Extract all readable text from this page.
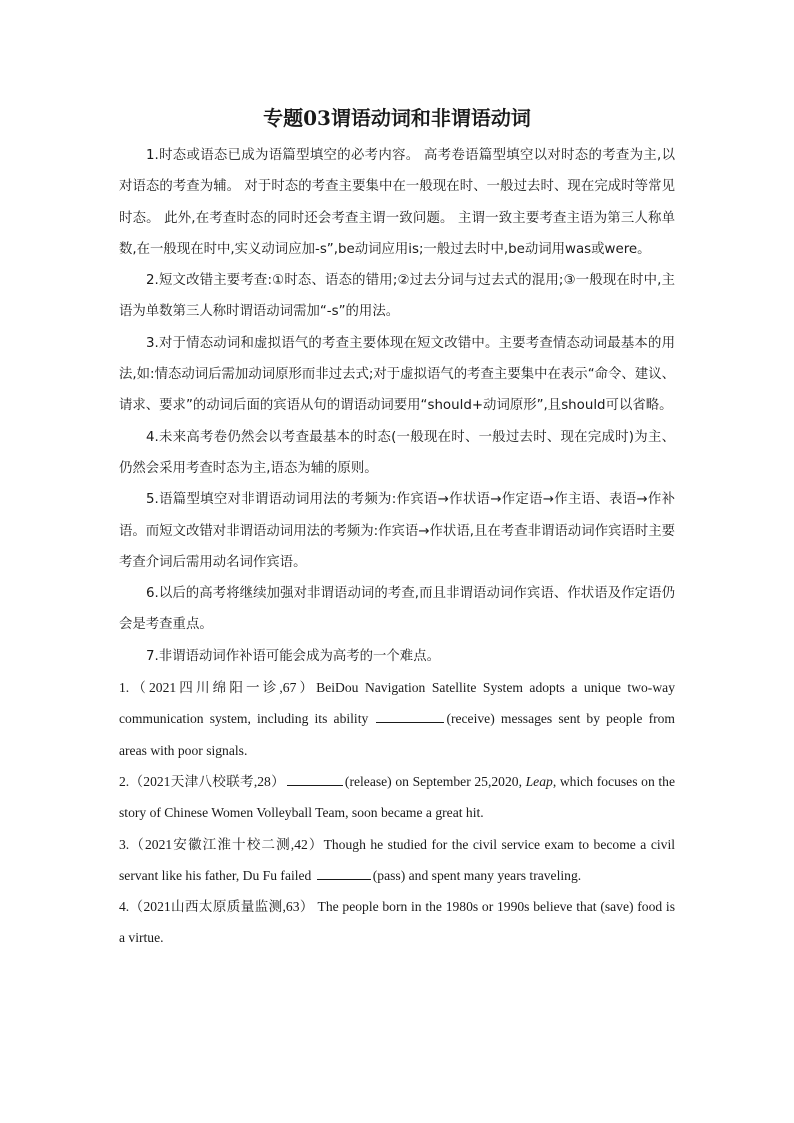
专题03谓语动词和非谓语动词

1.时态或语态已成为语篇型填空的必考内容。 高考卷语篇型填空以对时态的考查为主,以对语态的考查为辅。 对于时态的考查主要集中在一般现在时、一般过去时、现在完成时等常见时态。 此外,在考查时态的同时还会考查主谓一致问题。 主谓一致主要考查主语为第三人称单数,在一般现在时中,实义动词应加-s”,be动词应用is;一般过去时中,be动词用was或were。

2.短文改错主要考查:①时态、语态的错用;②过去分词与过去式的混用;③一般现在时中,主语为单数第三人称时谓语动词需加“-s”的用法。

3.对于情态动词和虚拟语气的考查主要体现在短文改错中。主要考查情态动词最基本的用法,如:情态动词后需加动词原形而非过去式;对于虚拟语气的考查主要集中在表示“命令、建议、请求、要求”的动词后面的宾语从句的谓语动词要用“should+动词原形”,且should可以省略。

4.未来高考卷仍然会以考查最基本的时态(一般现在时、一般过去时、现在完成时)为主、仍然会采用考查时态为主,语态为辅的原则。

5.语篇型填空对非谓语动词用法的考频为:作宾语→作状语→作定语→作主语、表语→作补语。而短文改错对非谓语动词用法的考频为:作宾语→作状语,且在考查非谓语动词作宾语时主要考查介词后需用动名词作宾语。

6.以后的高考将继续加强对非谓语动词的考查,而且非谓语动词作宾语、作状语及作定语仍会是考查重点。

7.非谓语动词作补语可能会成为高考的一个难点。

1.（2021四川绵阳一诊,67）BeiDou Navigation Satellite System adopts a unique two-way communication system, including its ability	(receive) messages sent by people from areas with poor signals.

2.（2021天津八校联考,28）	(release) on September 25,2020, Leap, which focuses on the story of Chinese Women Volleyball Team, soon became a great hit.

3.（2021安徽江淮十校二测,42）Though he studied for the civil service exam to become a civil servant like his father, Du Fu failed	(pass) and spent many years traveling.

4.（2021山西太原质量监测,63） The people born in the 1980s or 1990s believe that (save) food is a virtue.
